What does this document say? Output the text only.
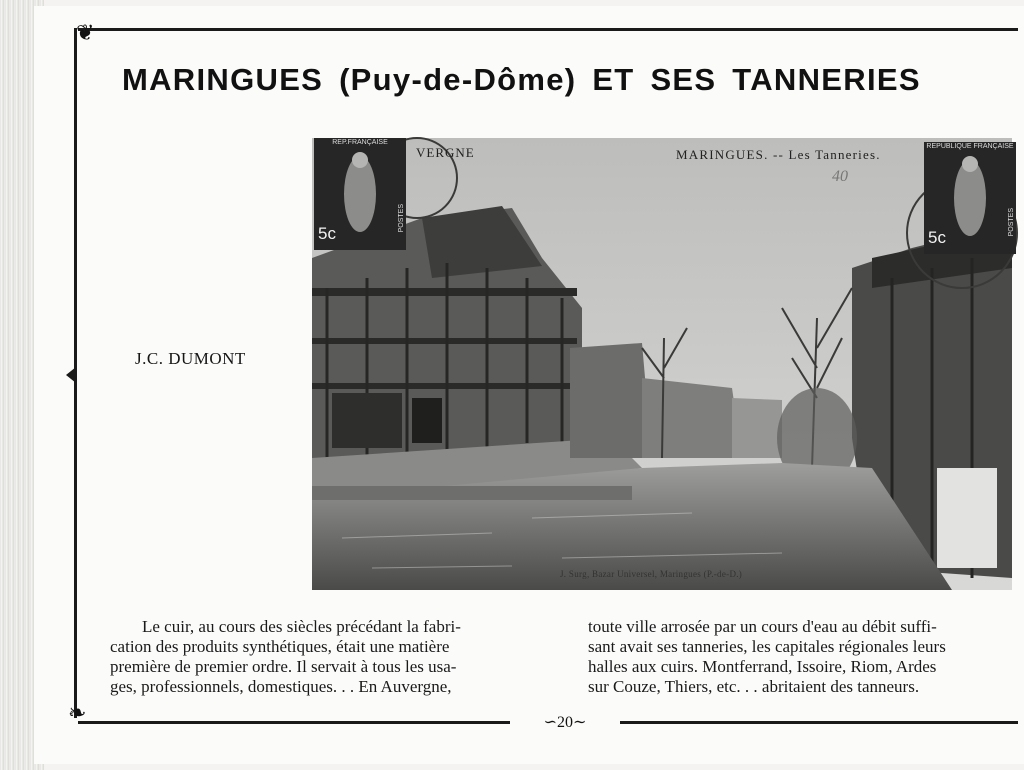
❦
❧
MARINGUES (Puy-de-Dôme) ET SES TANNERIES
J.C. DUMONT
REP.FRANÇAISE
5c
POSTES
REPUBLIQUE FRANÇAISE
5c
POSTES
VERGNE	MARINGUES. -- Les Tanneries.
40
J. Surg, Bazar Universel, Maringues (P.-de-D.)

Le cuir, au cours des siècles précédant la fabri-

cation des produits synthétiques, était une matière

première de premier ordre. Il servait à tous les usa-

ges, professionnels, domestiques. . . En Auvergne,

toute ville arrosée par un cours d'eau au débit suffi-

sant avait ses tanneries, les capitales régionales leurs

halles aux cuirs. Montferrand, Issoire, Riom, Ardes

sur Couze, Thiers, etc. . . abritaient des tanneurs.

∽20∼
